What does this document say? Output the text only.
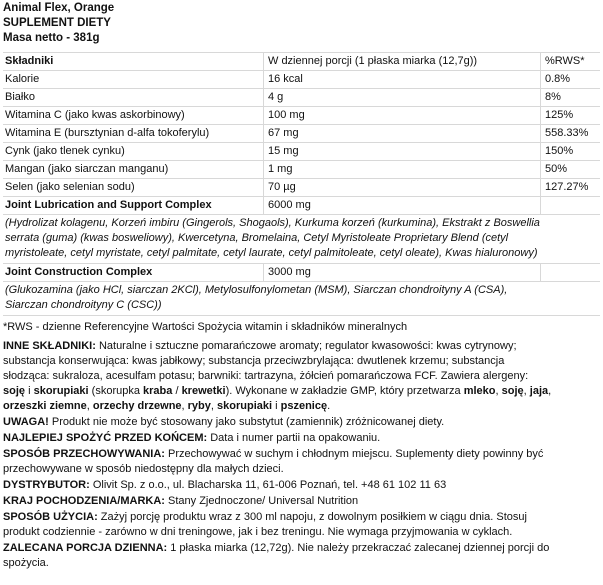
Animal Flex, Orange
SUPLEMENT DIETY
Masa netto - 381g
Składniki	W dziennej porcji (1 płaska miarka (12,7g))	%RWS*
Kalorie	16 kcal	0.8%
Białko	4 g	8%
Witamina C (jako kwas askorbinowy)	100 mg	125%
Witamina E (bursztynian d-alfa tokoferylu)	67 mg	558.33%
Cynk (jako tlenek cynku)	15 mg	150%
Mangan (jako siarczan manganu)	1 mg	50%
Selen (jako selenian sodu)	70 µg	127.27%
Joint Lubrication and Support Complex	6000 mg
(Hydrolizat kolagenu, Korzeń imbiru (Gingerols, Shogaols), Kurkuma korzeń (kurkumina), Ekstrakt z Boswellia
serrata (guma) (kwas bosweliowy), Kwercetyna, Bromelaina, Cetyl Myristoleate Proprietary Blend (cetyl
myristoleate, cetyl myristate, cetyl palmitate, cetyl laurate, cetyl palmitoleate, cetyl oleate), Kwas hialuronowy)
Joint Construction Complex	3000 mg
(Glukozamina (jako HCl, siarczan 2KCl), Metylosulfonylometan (MSM), Siarczan chondroityny A (CSA),
Siarczan chondroityny C (CSC))
*RWS - dzienne Referencyjne Wartości Spożycia witamin i składników mineralnych
INNE SKŁADNIKI: Naturalne i sztuczne pomarańczowe aromaty; regulator kwasowości: kwas cytrynowy;
substancja konserwująca: kwas jabłkowy; substancja przeciwzbrylająca: dwutlenek krzemu; substancja
słodząca: sukraloza, acesulfam potasu; barwniki: tartrazyna, żółcień pomarańczowa FCF. Zawiera alergeny:
soję i skorupiaki (skorupka kraba / krewetki). Wykonane w zakładzie GMP, który przetwarza mleko, soję, jaja,
orzeszki ziemne, orzechy drzewne, ryby, skorupiaki i pszenicę.
UWAGA! Produkt nie może być stosowany jako substytut (zamiennik) zróżnicowanej diety.
NAJLEPIEJ SPOŻYĆ PRZED KOŃCEM: Data i numer partii na opakowaniu.
SPOSÓB PRZECHOWYWANIA: Przechowywać w suchym i chłodnym miejscu. Suplementy diety powinny być
przechowywane w sposób niedostępny dla małych dzieci.
DYSTRYBUTOR: Olivit Sp. z o.o., ul. Blacharska 11, 61-006 Poznań, tel. +48 61 102 11 63
KRAJ POCHODZENIA/MARKA: Stany Zjednoczone/ Universal Nutrition
SPOSÓB UŻYCIA: Zażyj porcję produktu wraz z 300 ml napoju, z dowolnym posiłkiem w ciągu dnia. Stosuj
produkt codziennie - zarówno w dni treningowe, jak i bez treningu. Nie wymaga przyjmowania w cyklach.
ZALECANA PORCJA DZIENNA: 1 płaska miarka (12,72g). Nie należy przekraczać zalecanej dziennej porcji do
spożycia.
